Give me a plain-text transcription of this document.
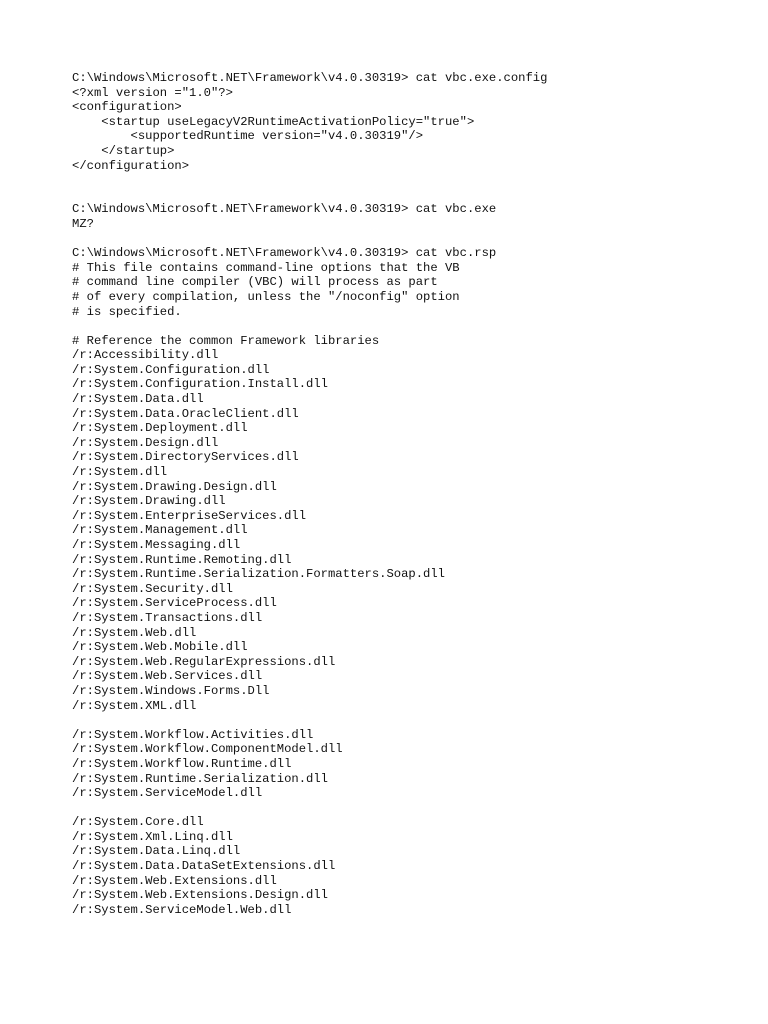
C:\Windows\Microsoft.NET\Framework\v4.0.30319> cat vbc.exe.config
<?xml version ="1.0"?>
<configuration>
<startup useLegacyV2RuntimeActivationPolicy="true">
<supportedRuntime version="v4.0.30319"/>
</startup>
</configuration>
C:\Windows\Microsoft.NET\Framework\v4.0.30319> cat vbc.exe
MZ?
C:\Windows\Microsoft.NET\Framework\v4.0.30319> cat vbc.rsp
# This file contains command-line options that the VB
# command line compiler (VBC) will process as part
# of every compilation, unless the "/noconfig" option
# is specified.
# Reference the common Framework libraries
/r:Accessibility.dll
/r:System.Configuration.dll
/r:System.Configuration.Install.dll
/r:System.Data.dll
/r:System.Data.OracleClient.dll
/r:System.Deployment.dll
/r:System.Design.dll
/r:System.DirectoryServices.dll
/r:System.dll
/r:System.Drawing.Design.dll
/r:System.Drawing.dll
/r:System.EnterpriseServices.dll
/r:System.Management.dll
/r:System.Messaging.dll
/r:System.Runtime.Remoting.dll
/r:System.Runtime.Serialization.Formatters.Soap.dll
/r:System.Security.dll
/r:System.ServiceProcess.dll
/r:System.Transactions.dll
/r:System.Web.dll
/r:System.Web.Mobile.dll
/r:System.Web.RegularExpressions.dll
/r:System.Web.Services.dll
/r:System.Windows.Forms.Dll
/r:System.XML.dll
/r:System.Workflow.Activities.dll
/r:System.Workflow.ComponentModel.dll
/r:System.Workflow.Runtime.dll
/r:System.Runtime.Serialization.dll
/r:System.ServiceModel.dll
/r:System.Core.dll
/r:System.Xml.Linq.dll
/r:System.Data.Linq.dll
/r:System.Data.DataSetExtensions.dll
/r:System.Web.Extensions.dll
/r:System.Web.Extensions.Design.dll
/r:System.ServiceModel.Web.dll
